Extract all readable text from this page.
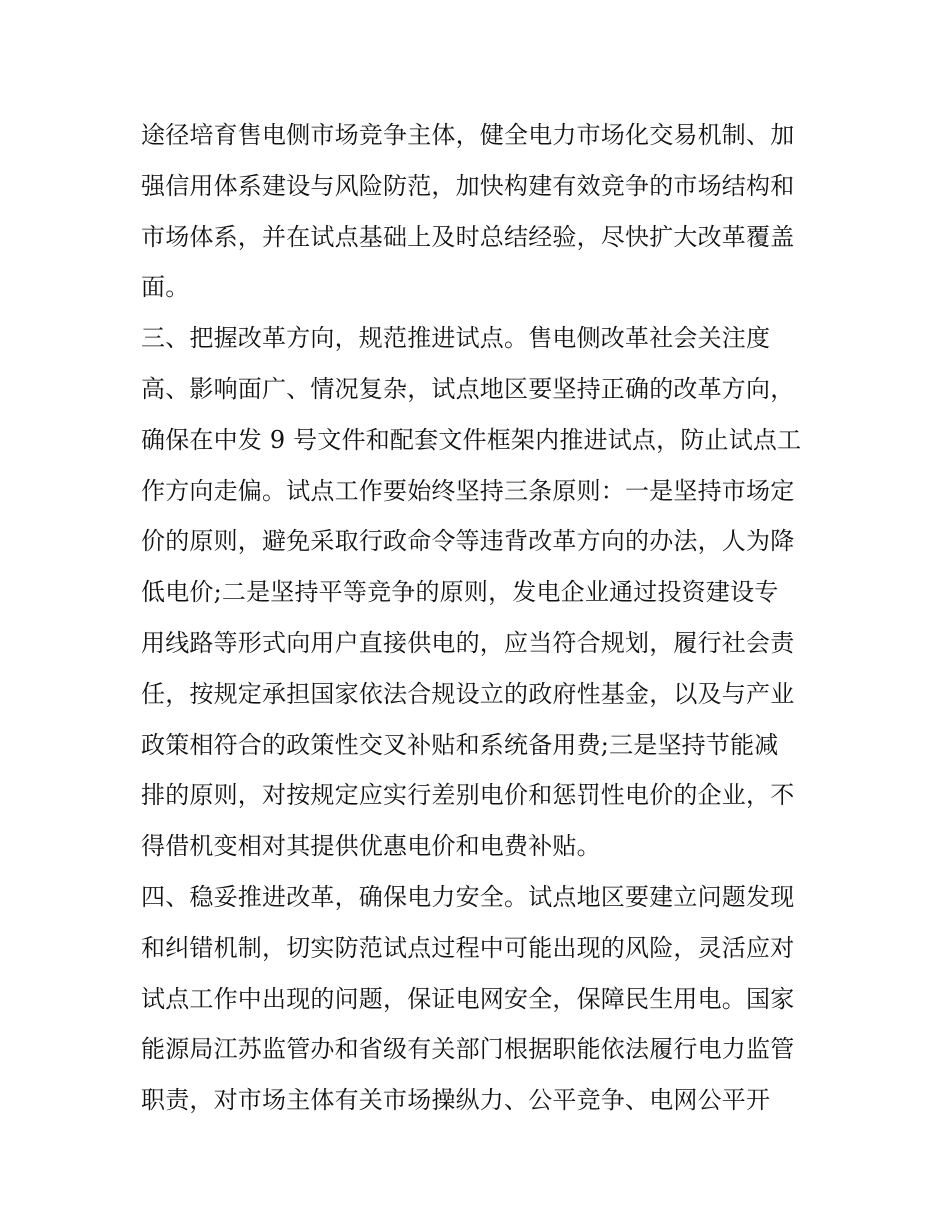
途径培育售电侧市场竞争主体，健全电力市场化交易机制、加
强信用体系建设与风险防范，加快构建有效竞争的市场结构和
市场体系，并在试点基础上及时总结经验，尽快扩大改革覆盖
面。
三、把握改革方向，规范推进试点。售电侧改革社会关注度
高、影响面广、情况复杂，试点地区要坚持正确的改革方向，
确保在中发 9 号文件和配套文件框架内推进试点，防止试点工
作方向走偏。试点工作要始终坚持三条原则：一是坚持市场定
价的原则，避免采取行政命令等违背改革方向的办法，人为降
低电价;二是坚持平等竞争的原则，发电企业通过投资建设专
用线路等形式向用户直接供电的，应当符合规划，履行社会责
任，按规定承担国家依法合规设立的政府性基金，以及与产业
政策相符合的政策性交叉补贴和系统备用费;三是坚持节能减
排的原则，对按规定应实行差别电价和惩罚性电价的企业，不
得借机变相对其提供优惠电价和电费补贴。
四、稳妥推进改革，确保电力安全。试点地区要建立问题发现
和纠错机制，切实防范试点过程中可能出现的风险，灵活应对
试点工作中出现的问题，保证电网安全，保障民生用电。国家
能源局江苏监管办和省级有关部门根据职能依法履行电力监管
职责，对市场主体有关市场操纵力、公平竞争、电网公平开
